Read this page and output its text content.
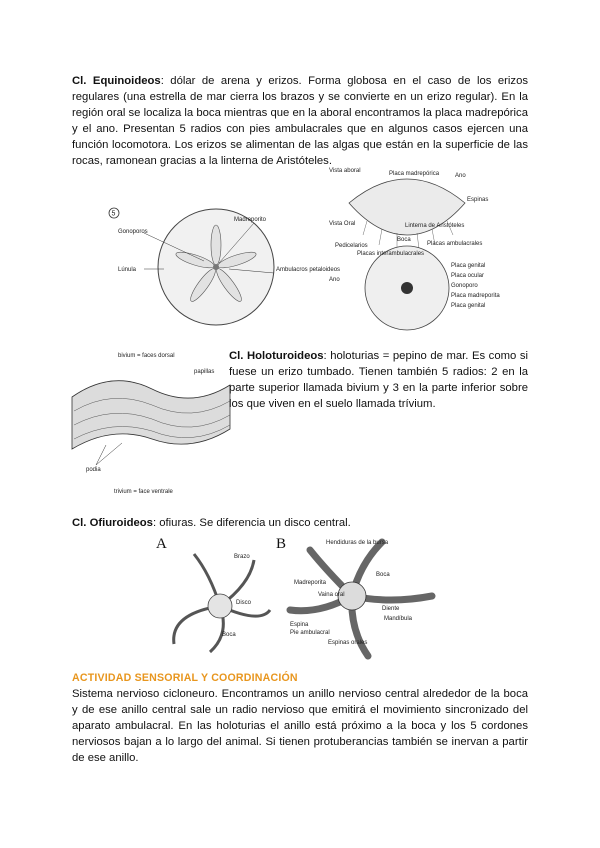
Cl. Equinoideos: dólar de arena y erizos. Forma globosa en el caso de los erizos regulares (una estrella de mar cierra los brazos y se convierte en un erizo regular). En la región oral se localiza la boca mientras que en la aboral encontramos la placa madrepórica y el ano. Presentan 5 radios con pies ambulacrales que en algunos casos ejercen una función locomotora. Los erizos se alimentan de las algas que están en la superficie de las rocas, ramonean gracias a la linterna de Aristóteles.
5
Gonoporos
Madreporito
Lúnula	Ambulacros petaloideos
Vista aboral	Placa madrepórica	Ano
Espinas
Vista Oral	Linterna de Aristóteles
Boca
Pedicelarios	Placas ambulacrales
Placas interambulacrales
Placa genital
Ano
Placa ocular
Gonoporo
Placa madreporita
Placa genital
bivium = faces dorsal
papillas
podia
trivium = face ventrale
Cl. Holoturoideos: holoturias = pepino de mar. Es como si fuese un erizo tumbado. Tienen también 5 radios: 2 en la parte superior llamada bivium y 3 en la parte inferior sobre los que viven en el suelo llamada trívium.
Cl. Ofiuroideos: ofiuras. Se diferencia un disco central.
A	B
Brazo
Disco
Boca
Hendiduras de la bursa
Madreporita
Boca
Vaina oral
Espina
Pie ambulacral
Diente
Mandíbula
Espinas orales
ACTIVIDAD SENSORIAL Y COORDINACIÓN
Sistema nervioso cicloneuro. Encontramos un anillo nervioso central alrededor de la boca y de ese anillo central sale un radio nervioso que emitirá el movimiento sincronizado del aparato ambulacral. En las holoturias el anillo está próximo a la boca y los 5 cordones nerviosos bajan a lo largo del animal. Si tienen protuberancias también se inervan a partir de ese anillo.
